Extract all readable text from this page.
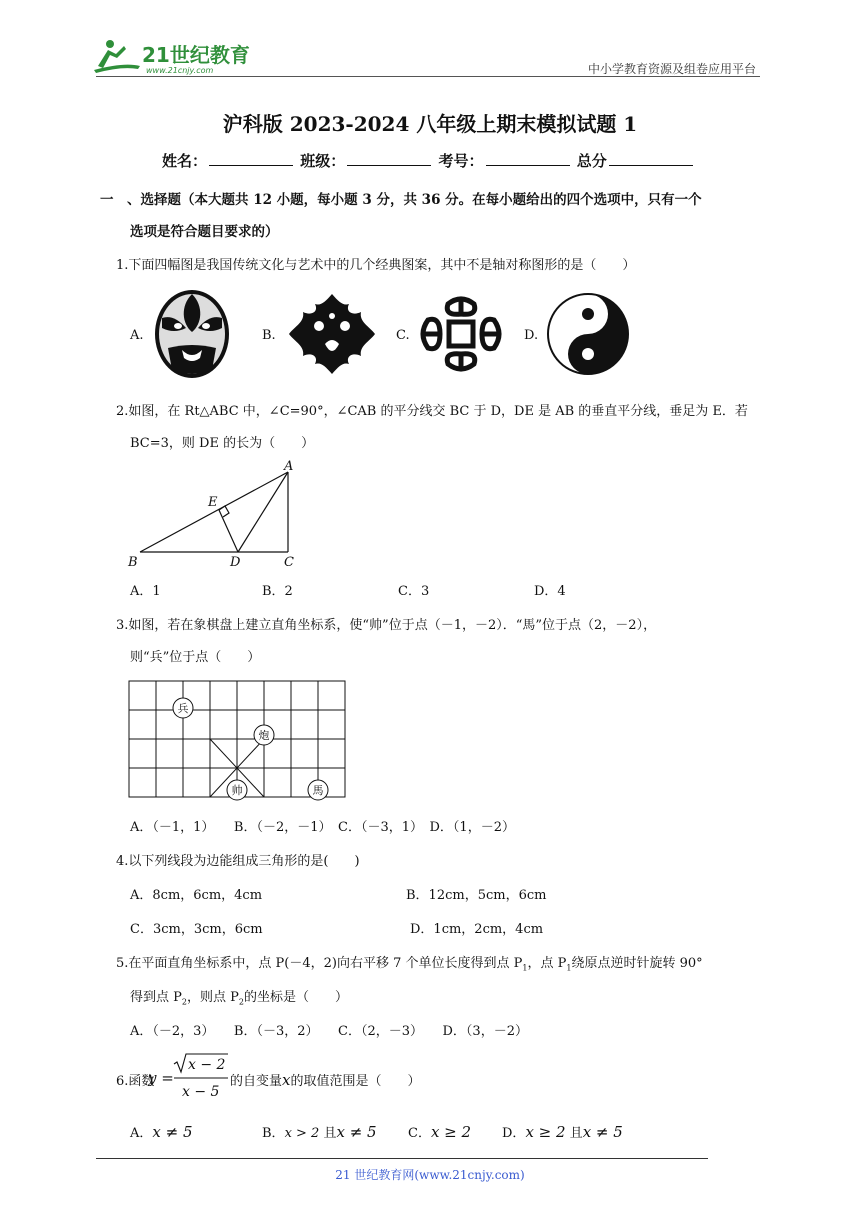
21世纪教育
www.21cnjy.com	中小学教育资源及组卷应用平台
沪科版 2023-2024 八年级上期末模拟试题 1
姓名：	班级：	考号：	总分
一　、选择题（本大题共 12 小题，每小题 3 分，共 36 分。在每小题给出的四个选项中，只有一个
选项是符合题目要求的）
1.下面四幅图是我国传统文化与艺术中的几个经典图案，其中不是轴对称图形的是（　　）
A.	B.	C.	D.
2.如图，在 Rt△ABC 中，∠C=90°，∠CAB 的平分线交 BC 于 D，DE 是 AB 的垂直平分线，垂足为 E．若
BC=3，则 DE 的长为（　　）
A
B	C
D
E
A．1	B．2	C．3	D．4
3.如图，若在象棋盘上建立直角坐标系，使“帅”位于点（－1，－2）．“馬”位于点（2，－2），
则“兵”位于点（　　）
兵
炮
帅	馬
A．（－1，1）　　B．（－2，－1）　C．（－3，1）　D．（1，－2）
4.以下列线段为边能组成三角形的是(　　)
A．8cm，6cm，4cm	B．12cm，5cm，6cm
C．3cm，3cm，6cm	D．1cm，2cm，4cm
5.在平面直角坐标系中，点 P(－4，2)向右平移 7 个单位长度得到点 $P_1$，点 $P_1$绕原点逆时针旋转 90°
得到点 $P_2$，则点 $P_2$的坐标是（　　）
A．（－2，3）　　B．（－3，2）　　C．（2，－3）　　D．（3，－2）
6.函数
y =
x − 2
x − 5
的自变量x的取值范围是（　　）
A．x ≠ 5	B．x > 2 且x ≠ 5 C．x ≥ 2 D．x ≥ 2 且x ≠ 5
21 世纪教育网(www.21cnjy.com)
